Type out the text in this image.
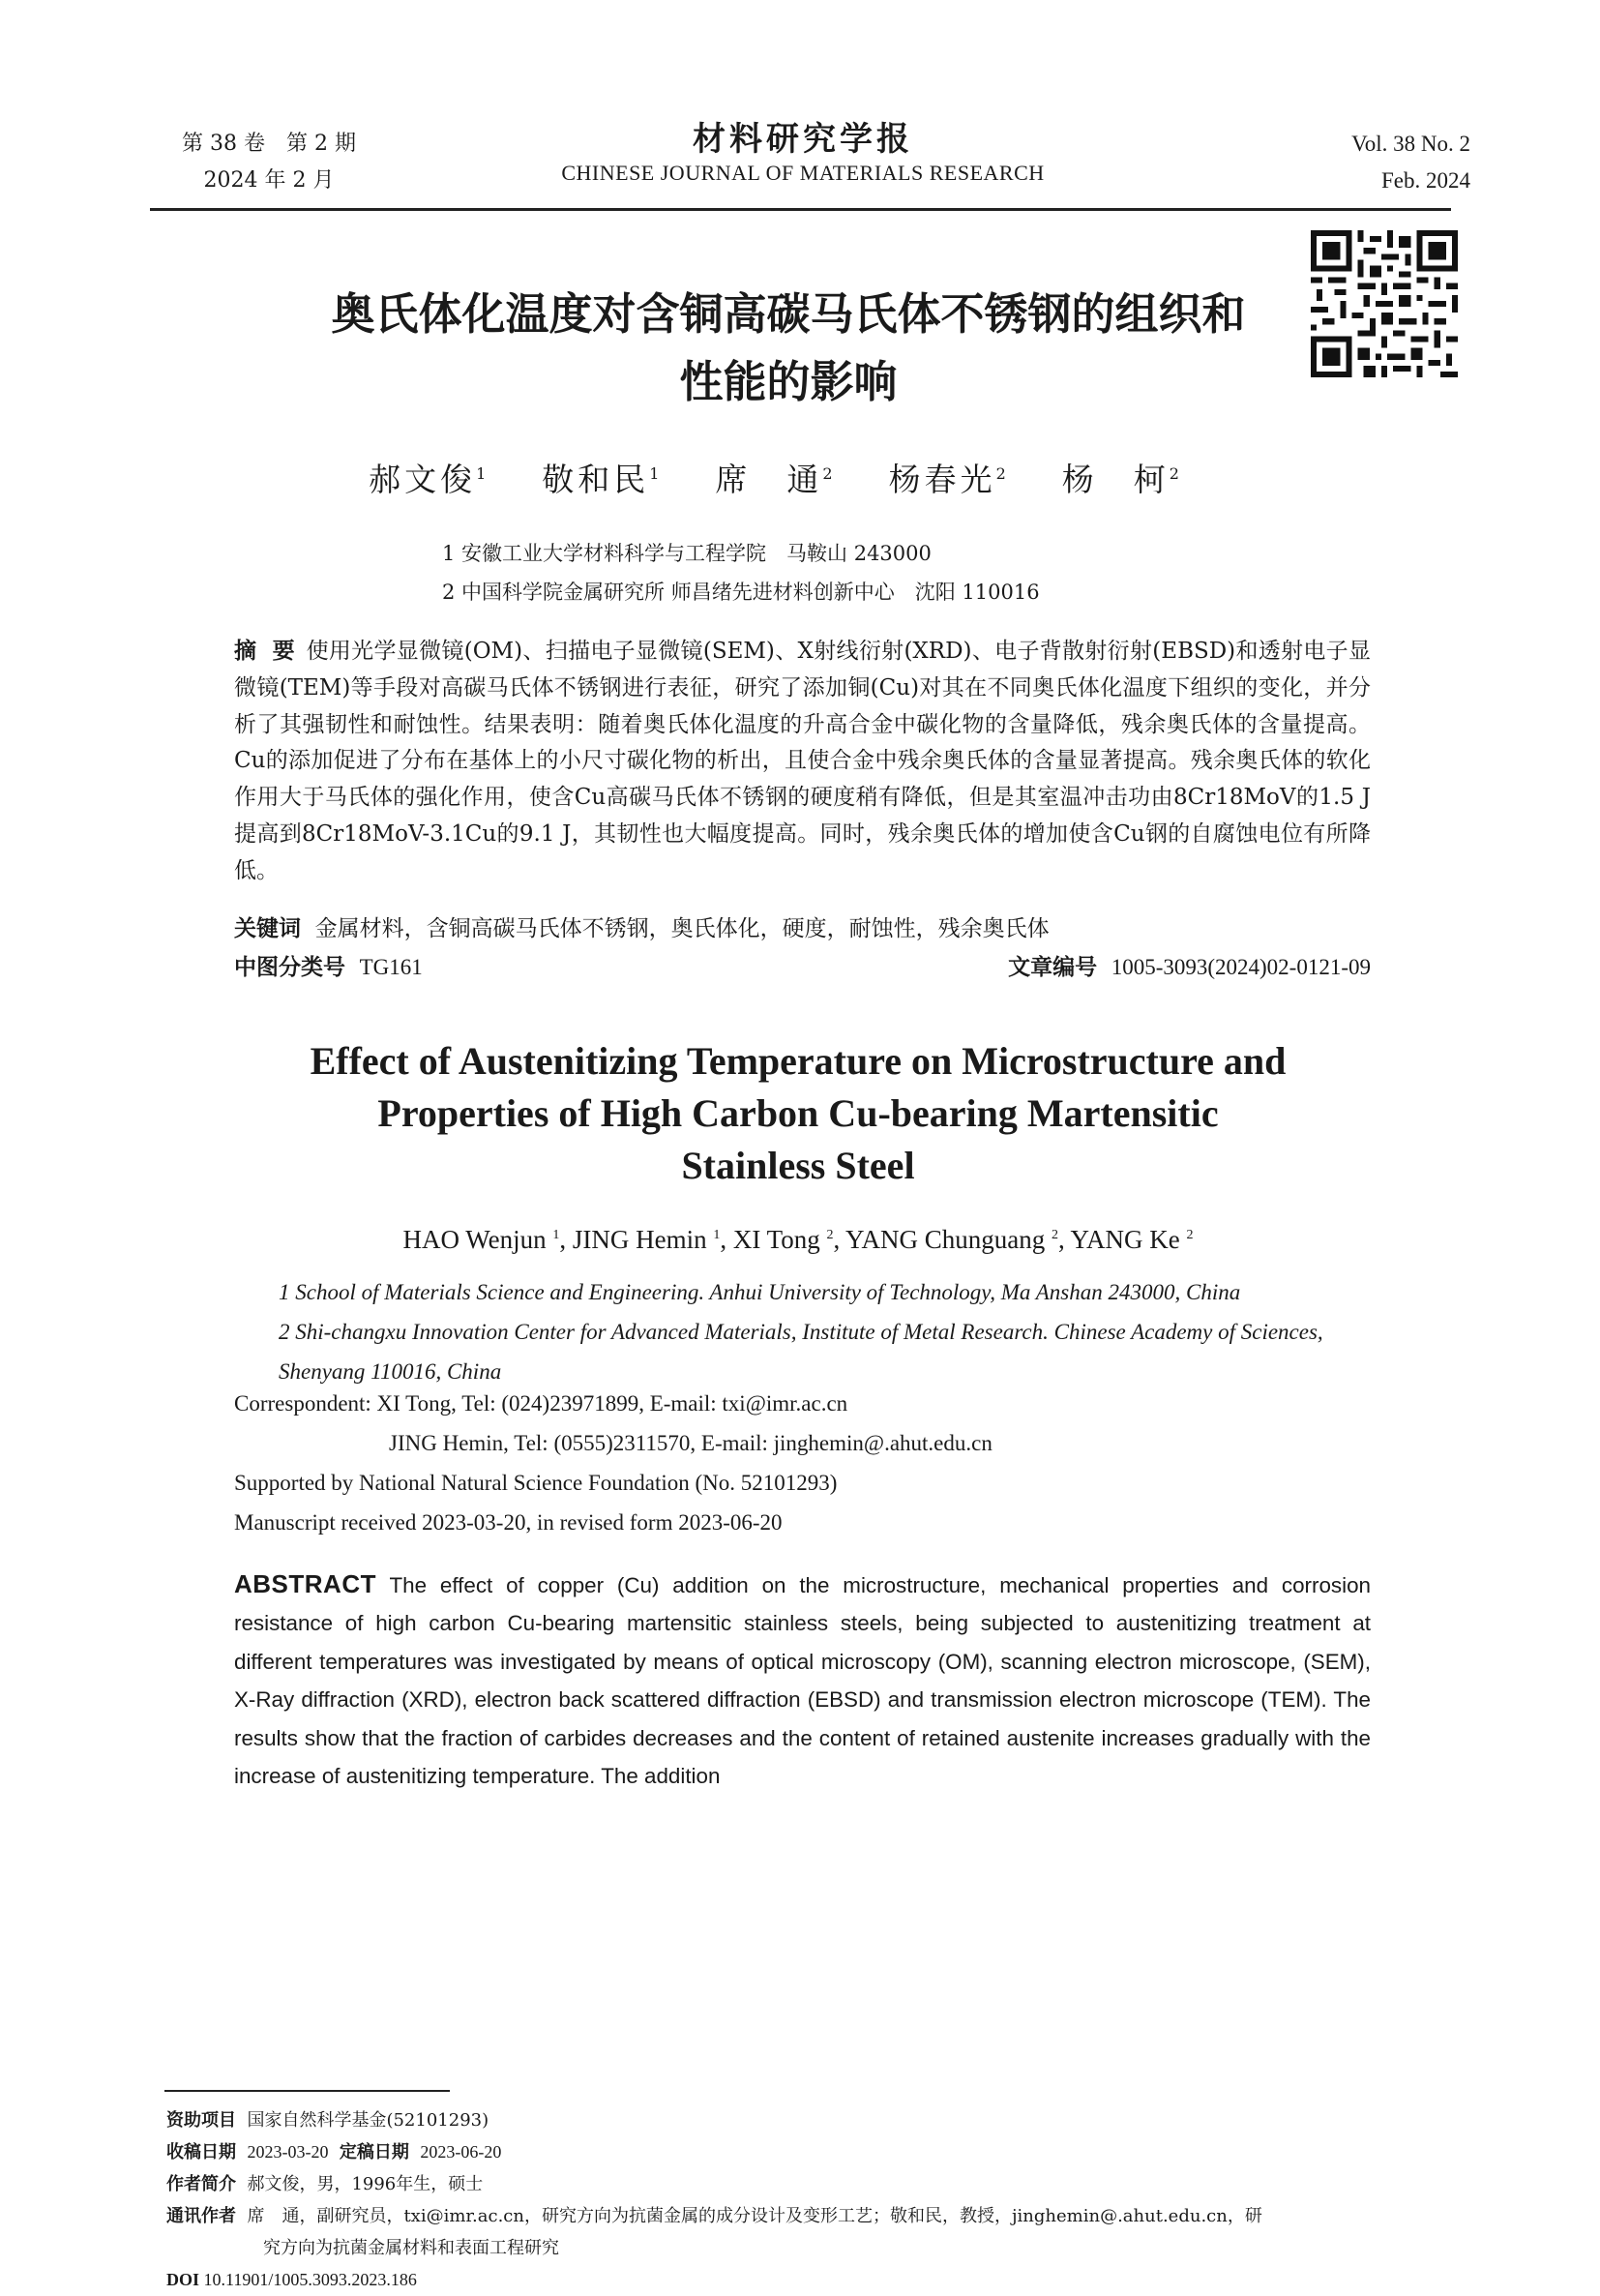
第 38 卷　第 2 期
2024 年 2 月
材料研究学报
CHINESE JOURNAL OF MATERIALS RESEARCH
Vol. 38 No. 2
Feb. 2024
奥氏体化温度对含铜高碳马氏体不锈钢的组织和
性能的影响
郝文俊$^1$ 敬和民$^1$ 席　通$^2$ 杨春光$^2$ 杨　柯$^2$
1 安徽工业大学材料科学与工程学院　马鞍山 243000
2 中国科学院金属研究所 师昌绪先进材料创新中心　沈阳 110016
摘 要 使用光学显微镜(OM)、扫描电子显微镜(SEM)、X射线衍射(XRD)、电子背散射衍射(EBSD)和透射电子显微镜(TEM)等手段对高碳马氏体不锈钢进行表征，研究了添加铜(Cu)对其在不同奥氏体化温度下组织的变化，并分析了其强韧性和耐蚀性。结果表明：随着奥氏体化温度的升高合金中碳化物的含量降低，残余奥氏体的含量提高。Cu的添加促进了分布在基体上的小尺寸碳化物的析出，且使合金中残余奥氏体的含量显著提高。残余奥氏体的软化作用大于马氏体的强化作用，使含Cu高碳马氏体不锈钢的硬度稍有降低，但是其室温冲击功由8Cr18MoV的1.5 J提高到8Cr18MoV-3.1Cu的9.1 J，其韧性也大幅度提高。同时，残余奥氏体的增加使含Cu钢的自腐蚀电位有所降低。
关键词 金属材料，含铜高碳马氏体不锈钢，奥氏体化，硬度，耐蚀性，残余奥氏体
中图分类号 TG161	文章编号 1005-3093(2024)02-0121-09
Effect of Austenitizing Temperature on Microstructure and
Properties of High Carbon Cu-bearing Martensitic
Stainless Steel
HAO Wenjun $^1$, JING Hemin $^1$, XI Tong $^2$, YANG Chunguang $^2$, YANG Ke $^2$
1 School of Materials Science and Engineering. Anhui University of Technology, Ma Anshan 243000, China
2 Shi-changxu Innovation Center for Advanced Materials, Institute of Metal Research. Chinese Academy of Sciences, Shenyang 110016, China
Correspondent: XI Tong, Tel: (024)23971899, E-mail: txi@imr.ac.cn
JING Hemin, Tel: (0555)2311570, E-mail: jinghemin@.ahut.edu.cn
Supported by National Natural Science Foundation (No. 52101293)
Manuscript received 2023-03-20, in revised form 2023-06-20
ABSTRACT The effect of copper (Cu) addition on the microstructure, mechanical properties and corrosion resistance of high carbon Cu-bearing martensitic stainless steels, being subjected to austenitizing treatment at different temperatures was investigated by means of optical microscopy (OM), scanning electron microscope, (SEM), X-Ray diffraction (XRD), electron back scattered diffraction (EBSD) and transmission electron microscope (TEM). The results show that the fraction of carbides decreases and the content of retained austenite increases gradually with the increase of austenitizing temperature. The addition
资助项目 国家自然科学基金(52101293)
收稿日期 2023-03-20 定稿日期 2023-06-20
作者简介 郝文俊，男，1996年生，硕士
通讯作者 席　通，副研究员，txi@imr.ac.cn，研究方向为抗菌金属的成分设计及变形工艺；敬和民，教授，jinghemin@.ahut.edu.cn，研
究方向为抗菌金属材料和表面工程研究
DOI 10.11901/1005.3093.2023.186
